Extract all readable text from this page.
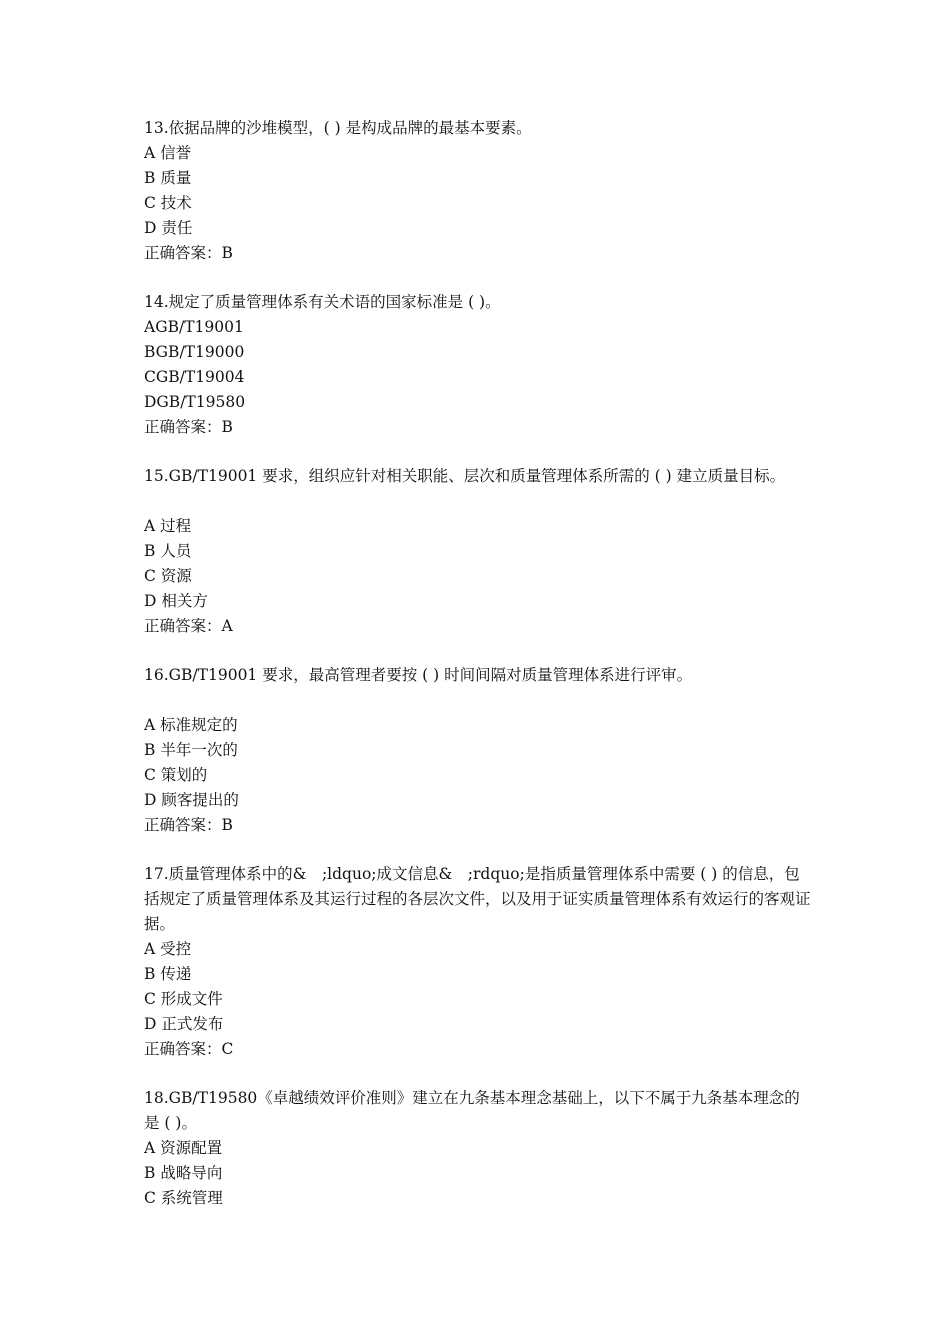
13.依据品牌的沙堆模型，( ) 是构成品牌的最基本要素。

A 信誉

B 质量

C 技术

D 责任

正确答案：B

14.规定了质量管理体系有关术语的国家标准是 ( )。

AGB/T19001

BGB/T19000

CGB/T19004

DGB/T19580

正确答案：B

15.GB/T19001 要求，组织应针对相关职能、层次和质量管理体系所需的 ( ) 建立质量目标。

A 过程

B 人员

C 资源

D 相关方

正确答案：A

16.GB/T19001 要求，最高管理者要按 ( ) 时间间隔对质量管理体系进行评审。

A 标准规定的

B 半年一次的

C 策划的

D 顾客提出的

正确答案：B

17.质量管理体系中的&　;ldquo;成文信息&　;rdquo;是指质量管理体系中需要 ( ) 的信息，包括规定了质量管理体系及其运行过程的各层次文件，以及用于证实质量管理体系有效运行的客观证据。

A 受控

B 传递

C 形成文件

D 正式发布

正确答案：C

18.GB/T19580《卓越绩效评价准则》建立在九条基本理念基础上，以下不属于九条基本理念的是 ( )。

A 资源配置

B 战略导向

C 系统管理
